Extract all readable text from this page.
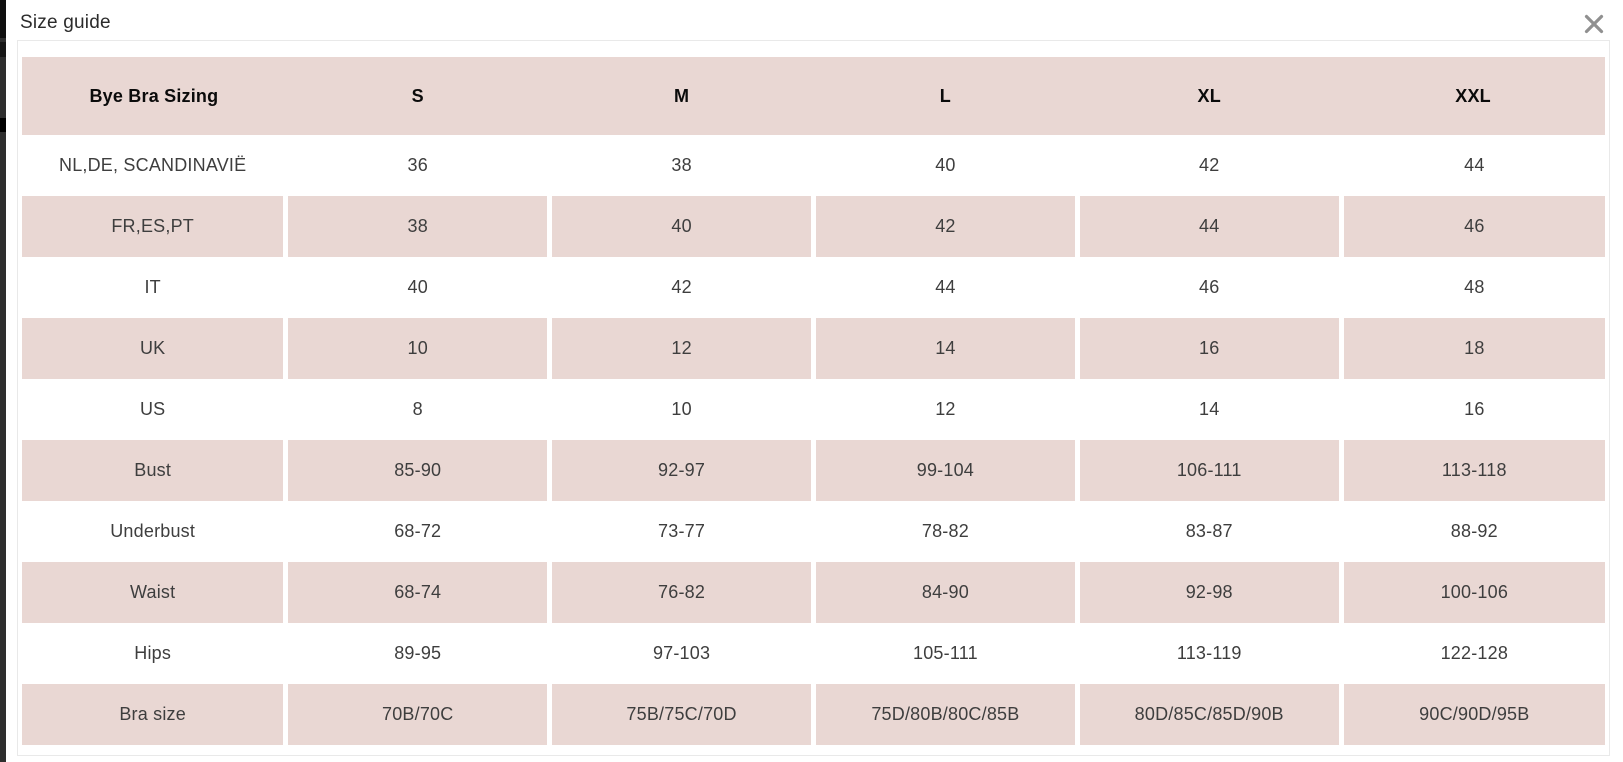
Size guide
Bye Bra Sizing	S	M	L	XL	XXL
NL,DE, SCANDINAVIË	36	38	40	42	44
FR,ES,PT	38	40	42	44	46
IT	40	42	44	46	48
UK	10	12	14	16	18
US	8	10	12	14	16
Bust	85-90	92-97	99-104	106-111	113-118
Underbust	68-72	73-77	78-82	83-87	88-92
Waist	68-74	76-82	84-90	92-98	100-106
Hips	89-95	97-103	105-111	113-119	122-128
Bra size	70B/70C	75B/75C/70D	75D/80B/80C/85B	80D/85C/85D/90B	90C/90D/95B
